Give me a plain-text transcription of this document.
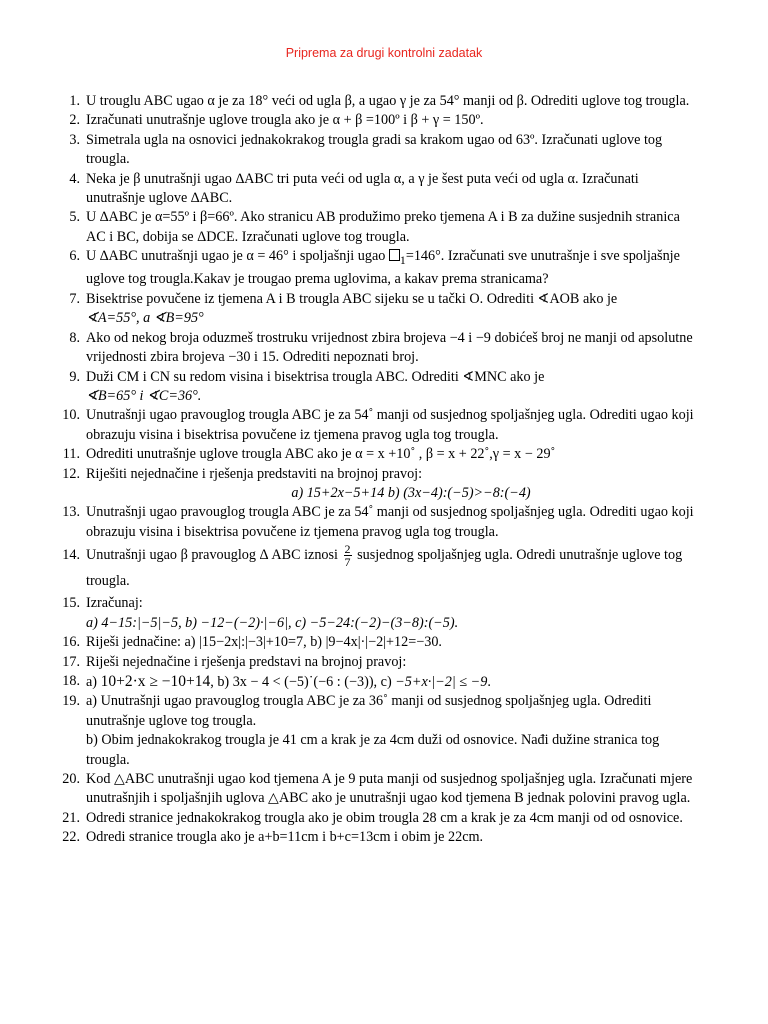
Priprema za drugi kontrolni zadatak
1. U trouglu ABC ugao α je za 18° veći od ugla β, a ugao γ je za 54° manji od β. Odrediti uglove tog trougla.
2. Izračunati unutrašnje uglove trougla ako je α + β =100º i β + γ = 150º.
3. Simetrala ugla na osnovici jednakokrakog trougla gradi sa krakom ugao od 63º. Izračunati uglove tog
trougla.
4. Neka je β unutrašnji ugao ∆ABC tri puta veći od ugla α, a γ je šest puta veći od ugla α. Izračunati
unutrašnje uglove ∆ABC.
5. U ∆ABC je α=55º i β=66º. Ako stranicu AB produžimo preko tjemena A i B za dužine susjednih stranica
AC i BC, dobija se ΔDCE. Izračunati uglove tog trougla.
6. U ∆ABC unutrašnji ugao je α = 46° i spoljašnji ugao $_1$=146°. Izračunati sve unutrašnje i sve spoljašnje
uglove tog trougla.Kakav je trougao prema uglovima, a kakav prema stranicama?
7. Bisektrise povučene iz tjemena A i B trougla ABC sijeku se u tački O. Odrediti ∢AOB ako je
∢A=55°, a ∢B=95°
8. Ako od nekog broja oduzmeš trostruku vrijednost zbira brojeva −4 i −9 dobićeš broj ne manji od apsolutne
vrijednosti zbira brojeva −30 i 15. Odrediti nepoznati broj.
9. Duži CM i CN su redom visina i bisektrisa trougla ABC. Odrediti ∢MNC ako je
∢B=65° i ∢C=36°.
10. Unutrašnji ugao pravouglog trougla ABC je za 54˚ manji od susjednog spoljašnjeg ugla. Odrediti ugao koji
obrazuju visina i bisektrisa povučene iz tjemena pravog ugla tog trougla.
11. Odrediti unutrašnje uglove trougla ABC ako je α = x +10˚ , β = x + 22˚,γ = x − 29˚
12. Riješiti nejednačine i rješenja predstaviti na brojnoj pravoj:
a) 15+2x−5+14 b) (3x−4):(−5)>−8:(−4)
13. Unutrašnji ugao pravouglog trougla ABC je za 54˚ manji od susjednog spoljašnjeg ugla. Odrediti ugao koji
obrazuju visina i bisektrisa povučene iz tjemena pravog ugla tog trougla.
14. Unutrašnji ugao β pravouglog Δ ABC iznosi $\frac{2}{7}$ susjednog spoljašnjeg ugla. Odredi unutrašnje uglove tog
trougla.
15. Izračunaj:
a) 4−15:|−5|−5, b) −12−(−2)·|−6|, c) −5−24:(−2)−(3−8):(−5).
16. Riješi jednačine: a) |15−2x|:|−3|+10=7, b) |9−4x|·|−2|+12=−30.
17. Riješi nejednačine i rješenja predstavi na brojnoj pravoj:
18. a) 10+2·x ≥ −10+14, b) 3x − 4 < (−5)˙(−6 : (−3)), c) −5+x·|−2| ≤ −9.
19. a) Unutrašnji ugao pravouglog trougla ABC je za 36˚ manji od susjednog spoljašnjeg ugla. Odrediti
unutrašnje uglove tog trougla.
b) Obim jednakokrakog trougla je 41 cm a krak je za 4cm duži od osnovice. Nađi dužine stranica tog
trougla.
20. Kod △ABC unutrašnji ugao kod tjemena A je 9 puta manji od susjednog spoljašnjeg ugla. Izračunati mjere
unutrašnjih i spoljašnjih uglova △ABC ako je unutrašnji ugao kod tjemena B jednak polovini pravog ugla.
21. Odredi stranice jednakokrakog trougla ako je obim trougla 28 cm a krak je za 4cm manji od od osnovice.
22. Odredi stranice trougla ako je a+b=11cm i b+c=13cm i obim je 22cm.
